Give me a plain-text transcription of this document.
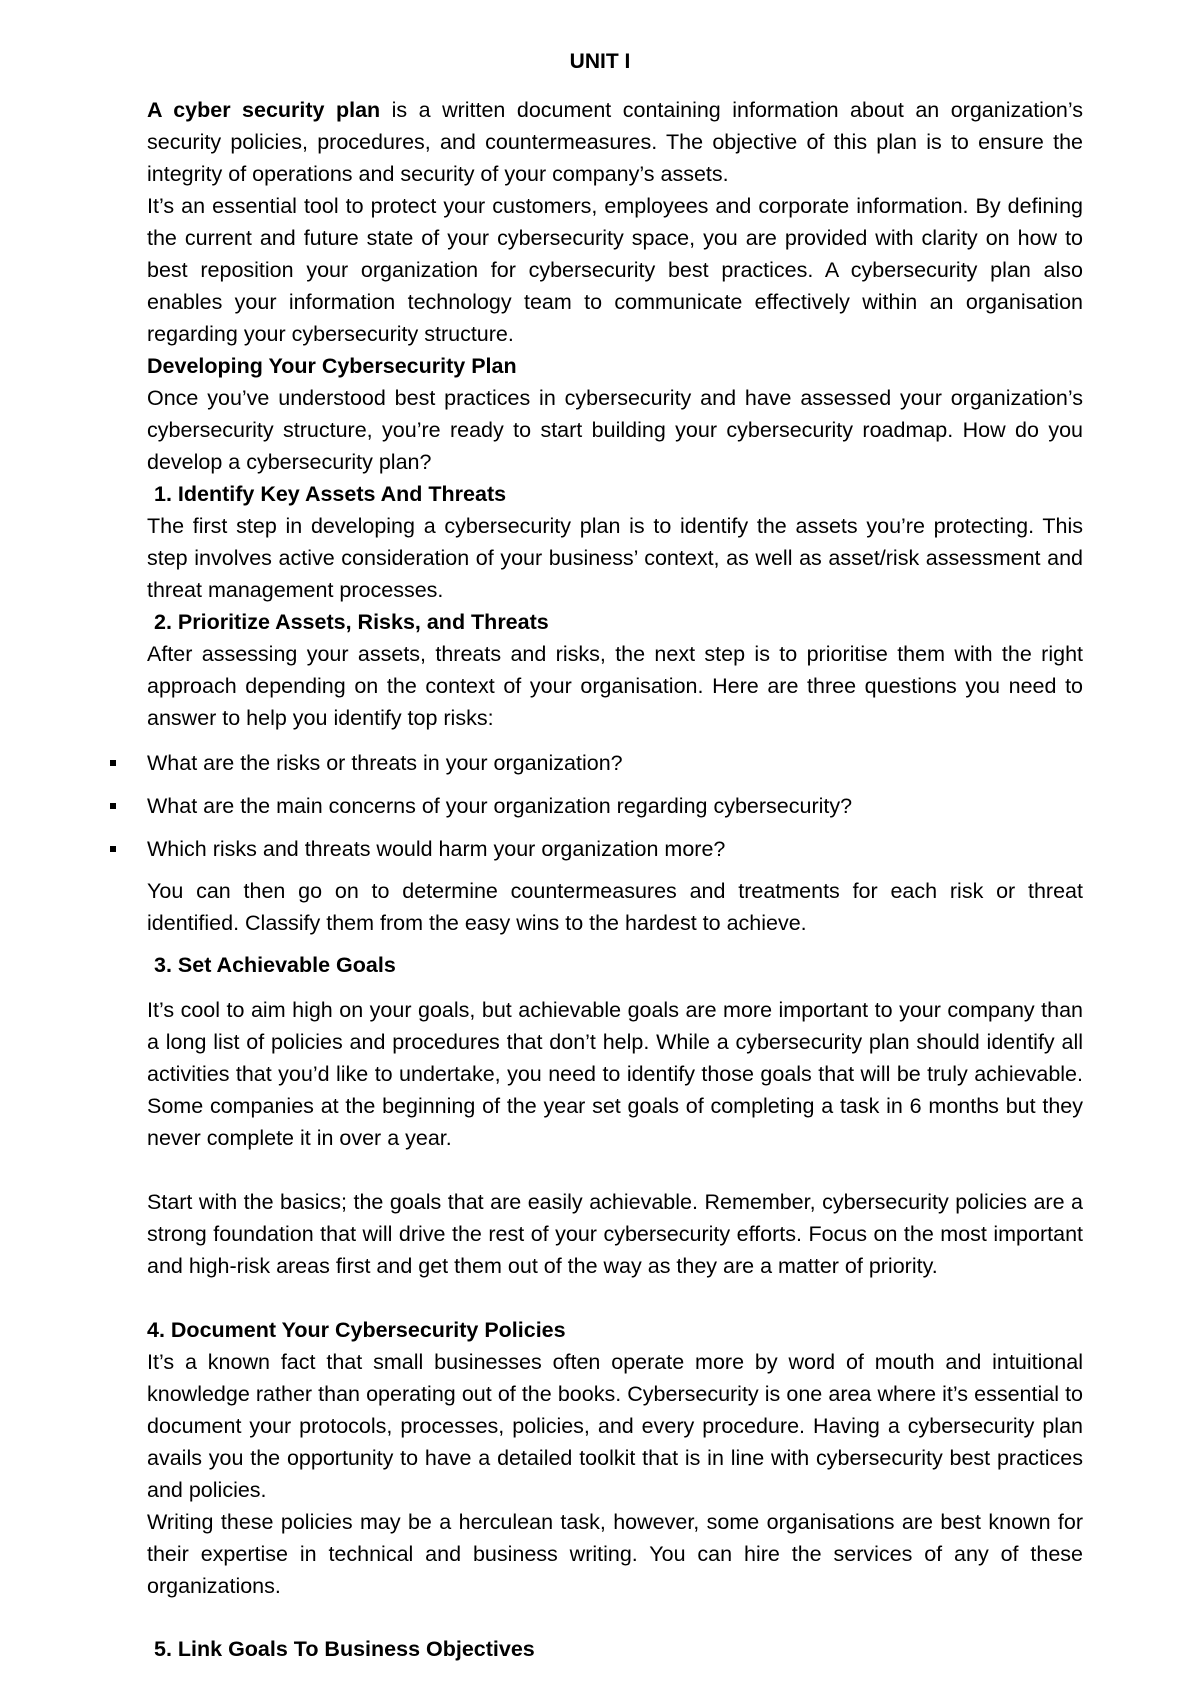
UNIT I

A cyber security plan is a written document containing information about an organization’s security policies, procedures, and countermeasures. The objective of this plan is to ensure the integrity of operations and security of your company’s assets.

It’s an essential tool to protect your customers, employees and corporate information. By defining the current and future state of your cybersecurity space, you are provided with clarity on how to best reposition your organization for cybersecurity best practices. A cybersecurity plan also enables your information technology team to communicate effectively within an organisation regarding your cybersecurity structure.

Developing Your Cybersecurity Plan

Once you’ve understood best practices in cybersecurity and have assessed your organization’s cybersecurity structure, you’re ready to start building your cybersecurity roadmap. How do you develop a cybersecurity plan?

1. Identify Key Assets And Threats

The first step in developing a cybersecurity plan is to identify the assets you’re protecting. This step involves active consideration of your business’ context, as well as asset/risk assessment and threat management processes.

2. Prioritize Assets, Risks, and Threats

After assessing your assets, threats and risks, the next step is to prioritise them with the right approach depending on the context of your organisation. Here are three questions you need to answer to help you identify top risks:

What are the risks or threats in your organization?
What are the main concerns of your organization regarding cybersecurity?
Which risks and threats would harm your organization more?

You can then go on to determine countermeasures and treatments for each risk or threat identified. Classify them from the easy wins to the hardest to achieve.

3. Set Achievable Goals

It’s cool to aim high on your goals, but achievable goals are more important to your company than a long list of policies and procedures that don’t help. While a cybersecurity plan should identify all activities that you’d like to undertake, you need to identify those goals that will be truly achievable. Some companies at the beginning of the year set goals of completing a task in 6 months but they never complete it in over a year.

Start with the basics; the goals that are easily achievable. Remember, cybersecurity policies are a strong foundation that will drive the rest of your cybersecurity efforts. Focus on the most important and high-risk areas first and get them out of the way as they are a matter of priority.

4. Document Your Cybersecurity Policies

It’s a known fact that small businesses often operate more by word of mouth and intuitional knowledge rather than operating out of the books. Cybersecurity is one area where it’s essential to document your protocols, processes, policies, and every procedure. Having a cybersecurity plan avails you the opportunity to have a detailed toolkit that is in line with cybersecurity best practices and policies.

Writing these policies may be a herculean task, however, some organisations are best known for their expertise in technical and business writing. You can hire the services of any of these organizations.

5. Link Goals To Business Objectives
